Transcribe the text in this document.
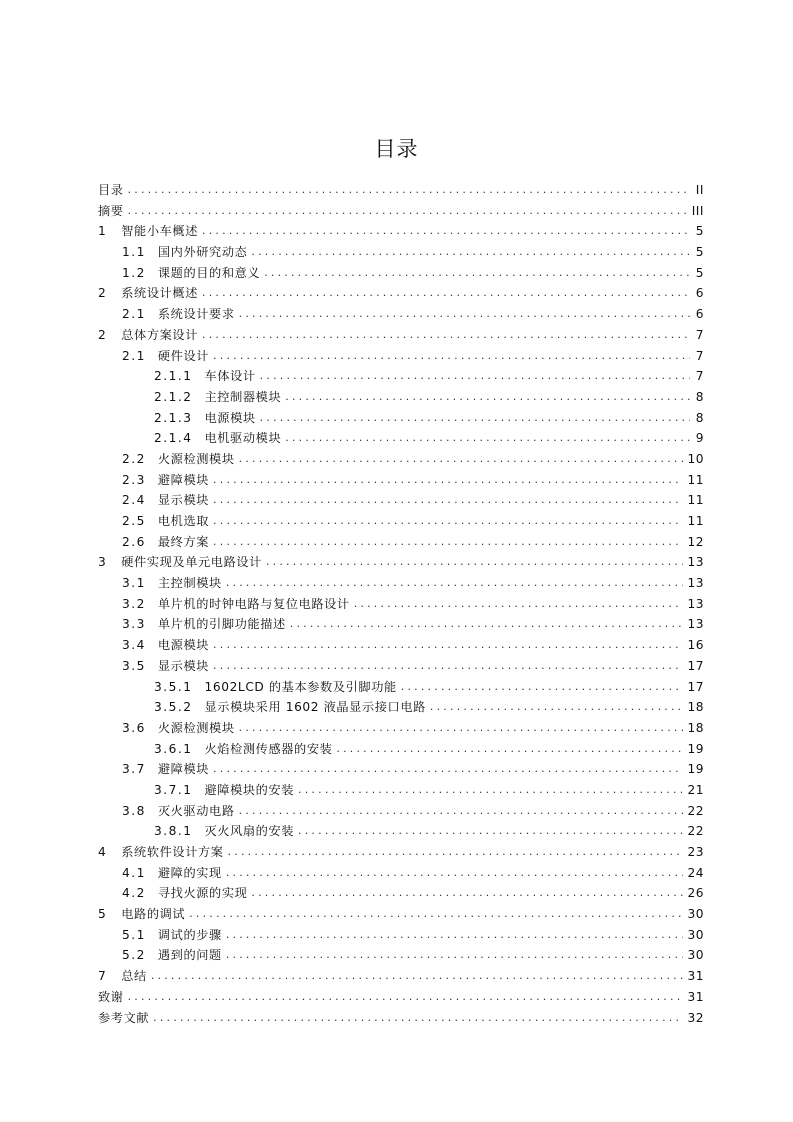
目录
目录 .....	II
摘要 .....	III
1 智能小车概述 .....	5
1.1 国内外研究动态 .....	5
1.2 课题的目的和意义 .....	5
2 系统设计概述 .....	6
2.1 系统设计要求 .....	6
2 总体方案设计 .....	7
2.1 硬件设计 .....	7
2.1.1 车体设计 .....	7
2.1.2 主控制器模块 .....	8
2.1.3 电源模块 .....	8
2.1.4 电机驱动模块 .....	9
2.2 火源检测模块 .....	10
2.3 避障模块 .....	11
2.4 显示模块 .....	11
2.5 电机选取 .....	11
2.6 最终方案 .....	12
3 硬件实现及单元电路设计 .....	13
3.1 主控制模块 .....	13
3.2 单片机的时钟电路与复位电路设计 .....	13
3.3 单片机的引脚功能描述 .....	13
3.4 电源模块 .....	16
3.5 显示模块 .....	17
3.5.1 1602LCD 的基本参数及引脚功能 .....	17
3.5.2 显示模块采用 1602 液晶显示接口电路 .....	18
3.6 火源检测模块 .....	18
3.6.1 火焰检测传感器的安装 .....	19
3.7 避障模块 .....	19
3.7.1 避障模块的安装 .....	21
3.8 灭火驱动电路 .....	22
3.8.1 灭火风扇的安装 .....	22
4 系统软件设计方案 .....	23
4.1 避障的实现 .....	24
4.2 寻找火源的实现 .....	26
5 电路的调试 .....	30
5.1 调试的步骤 .....	30
5.2 遇到的问题 .....	30
7 总结 .....	31
致谢 .....	31
参考文献 .....	32
